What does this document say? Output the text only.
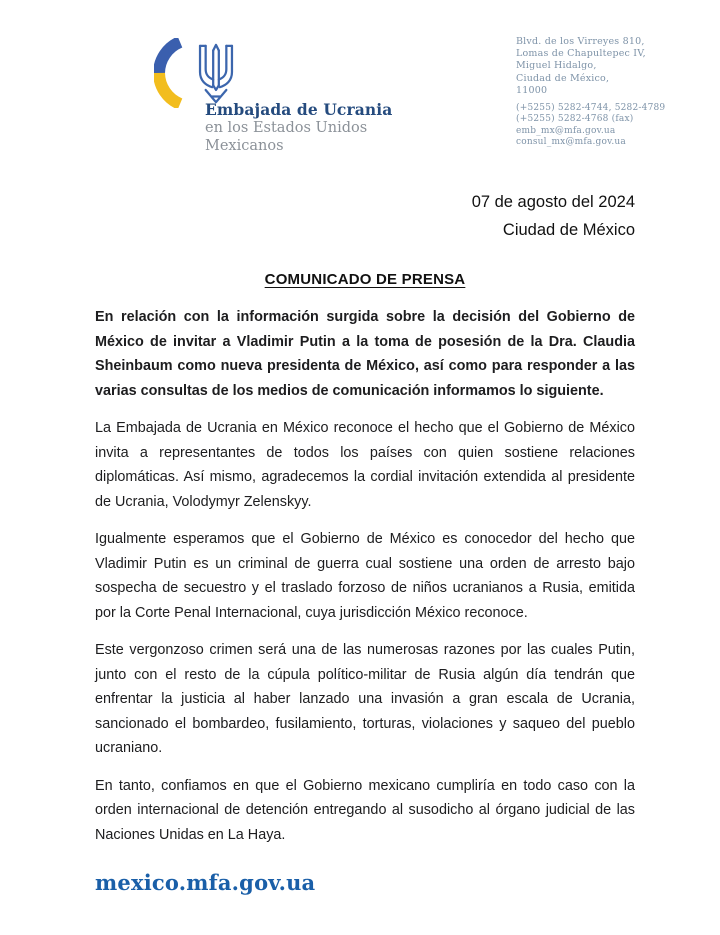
Embajada de Ucrania
en los Estados Unidos
Mexicanos
Blvd. de los Virreyes 810,
Lomas de Chapultepec IV,
Miguel Hidalgo,
Ciudad de México,
11000
(+5255) 5282-4744, 5282-4789
(+5255) 5282-4768 (fax)
emb_mx@mfa.gov.ua
consul_mx@mfa.gov.ua
07 de agosto del 2024
Ciudad de México
COMUNICADO DE PRENSA

En relación con la información surgida sobre la decisión del Gobierno de México de invitar a Vladimir Putin a la toma de posesión de la Dra. Claudia Sheinbaum como nueva presidenta de México, así como para responder a las varias consultas de los medios de comunicación informamos lo siguiente.

La Embajada de Ucrania en México reconoce el hecho que el Gobierno de México invita a representantes de todos los países con quien sostiene relaciones diplomáticas. Así mismo, agradecemos la cordial invitación extendida al presidente de Ucrania, Volodymyr Zelenskyy.

Igualmente esperamos que el Gobierno de México es conocedor del hecho que Vladimir Putin es un criminal de guerra cual sostiene una orden de arresto bajo sospecha de secuestro y el traslado forzoso de niños ucranianos a Rusia, emitida por la Corte Penal Internacional, cuya jurisdicción México reconoce.

Este vergonzoso crimen será una de las numerosas razones por las cuales Putin, junto con el resto de la cúpula político-militar de Rusia algún día tendrán que enfrentar la justicia al haber lanzado una invasión a gran escala de Ucrania, sancionado el bombardeo, fusilamiento, torturas, violaciones y saqueo del pueblo ucraniano.

En tanto, confiamos en que el Gobierno mexicano cumpliría en todo caso con la orden internacional de detención entregando al susodicho al órgano judicial de las Naciones Unidas en La Haya.

mexico.mfa.gov.ua
